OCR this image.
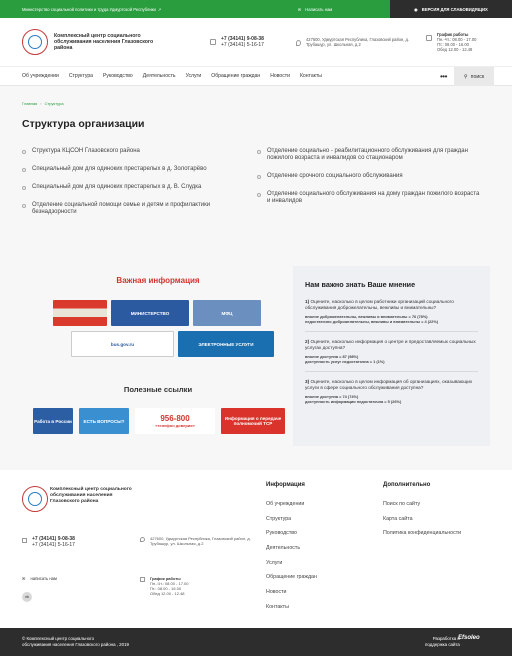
Министерство социальной политики и труда Удмуртской Республики ↗	✉ Написать нам	◉ ВЕРСИЯ ДЛЯ СЛАБОВИДЯЩИХ
Комплексный центр социального обслуживания населения Глазовского района
+7 (34141) 9-08-38
+7 (34141) 5-16-17
427600, Удмуртская Республика, Глазовский район, д. Трубашур, ул. Школьная, д.2
График работы
Пн.-Чт.: 08.00 - 17.00
Пт.: 08.00 - 16.00
Обед 12.00 - 12.48
Об учреждении Структура Руководство Деятельность Услуги Обращение граждан Новости Контакты	•••	⚲ поиск
Главная › Структура
Структура организации
Структура КЦСОН Глазовского района
Специальный дом для одиноких престарелых в д. Золотарёво
Специальный дом для одиноких престарелых в д. В. Слудка
Отделение социальной помощи семье и детям и профилактики безнадзорности
Отделение социально - реабилитационного обслуживания для граждан пожилого возраста и инвалидов со стационаром
Отделение срочного социального обслуживания
Отделение социального обслуживания на дому граждан пожилого возраста и инвалидов
Важная информация
МИНИСТЕРСТВО	МФЦ
bus.gov.ru	ЭЛЕКТРОННЫЕ УСЛУГИ
Полезные ссылки
Работа в России	ЕСТЬ ВОПРОСЫ?	956-800
«телефон доверия»
Информация о передаче полномочий ТСР
Нам важно знать Ваше мнение
1) Оцените, насколько в целом работники организаций социального обслуживания доброжелательны, вежливы и внимательны?
вполне доброжелательны, вежливы и внимательны = 76 (78%)
недостаточно доброжелательны, вежливы и внимательны = 4 (22%)
2) Оцените, насколько информация о центре и предоставляемых социальных услугах доступна?
вполне доступна = 87 (98%)
доступность услуг недостаточна = 1 (1%)
3) Оцените, насколько в целом информация об организациях, оказывающих услуги в сфере социального обслуживания доступна?
вполне доступна = 74 (74%)
доступность информации недостаточна = 5 (26%)
Комплексный центр социального обслуживания населения Глазовского района
+7 (34141) 9-08-38
+7 (34141) 5-16-17
427600, Удмуртская Республика, Глазовский район, д. Трубашур, ул. Школьная, д.2
✉ написать нам	График работы
Пн.-Чт.: 08.00 - 17.00
Пт.: 08.00 - 16.00
Обед 12.00 - 12.48
vk
Информация
Об учреждении
Структура
Руководство
Деятельность
Услуги
Обращение граждан
Новости
Контакты
Дополнительно
Поиск по сайту
Карта сайта
Политика конфиденциальности
© Комплексный центр социального
обслуживания населения Глазовского района , 2019
Разработка и
поддержка сайта
Efsoleo
